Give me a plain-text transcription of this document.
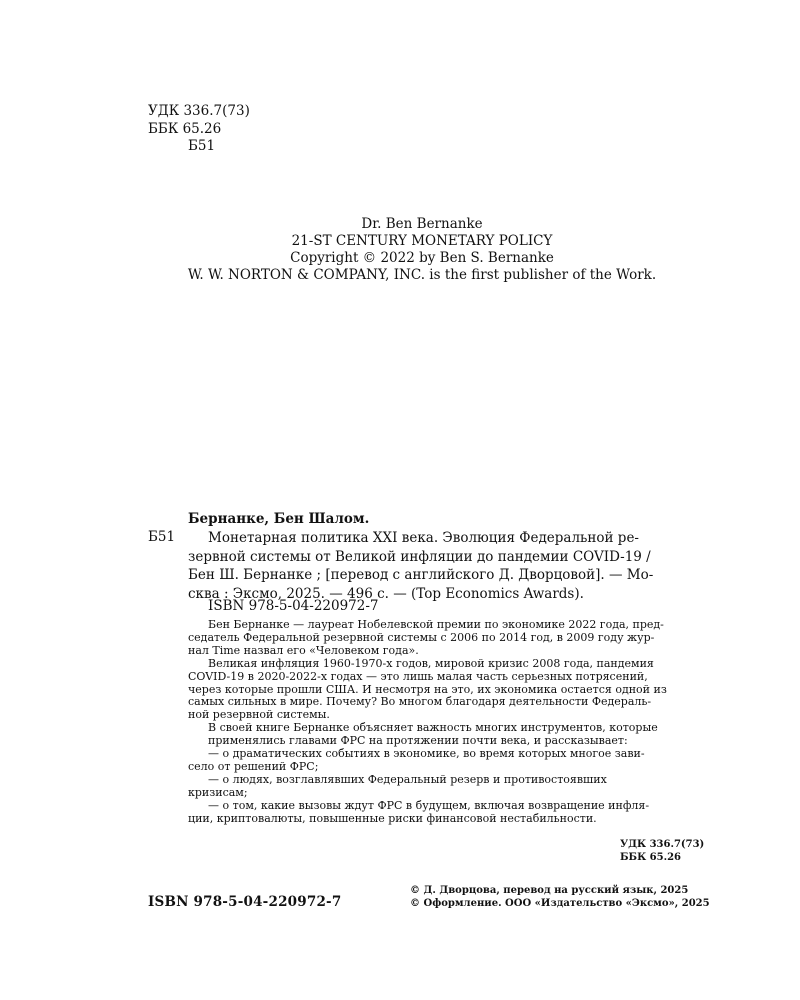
УДК 336.7(73)
ББК 65.26
Б51
Dr. Ben Bernanke
21-ST CENTURY MONETARY POLICY
Copyright © 2022 by Ben S. Bernanke
W. W. NORTON & COMPANY, INC. is the first publisher of the Work.
Бернанке, Бен Шалом.
Б51	Монетарная политика XXI века. Эволюция Федеральной ре-
зервной системы от Великой инфляции до пандемии COVID-19 /
Бен Ш. Бернанке ; [перевод с английского Д. Дворцовой]. — Мо-
сква : Эксмо, 2025. — 496 с. — (Top Economics Awards).
ISBN 978-5-04-220972-7
Бен Бернанке — лауреат Нобелевской премии по экономике 2022 года, пред-
седатель Федеральной резервной системы с 2006 по 2014 год, в 2009 году жур-
нал Time назвал его «Человеком года».
Великая инфляция 1960-1970-х годов, мировой кризис 2008 года, пандемия
COVID-19 в 2020-2022-х годах — это лишь малая часть серьезных потрясений,
через которые прошли США. И несмотря на это, их экономика остается одной из
самых сильных в мире. Почему? Во многом благодаря деятельности Федераль-
ной резервной системы.
В своей книге Бернанке объясняет важность многих инструментов, которые
применялись главами ФРС на протяжении почти века, и рассказывает:
— о драматических событиях в экономике, во время которых многое зави-
село от решений ФРС;
— о людях, возглавлявших Федеральный резерв и противостоявших
кризисам;
— о том, какие вызовы ждут ФРС в будущем, включая возвращение инфля-
ции, криптовалюты, повышенные риски финансовой нестабильности.
УДК 336.7(73)
ББК 65.26
ISBN 978-5-04-220972-7
© Д. Дворцова, перевод на русский язык, 2025
© Оформление. ООО «Издательство «Эксмо», 2025
